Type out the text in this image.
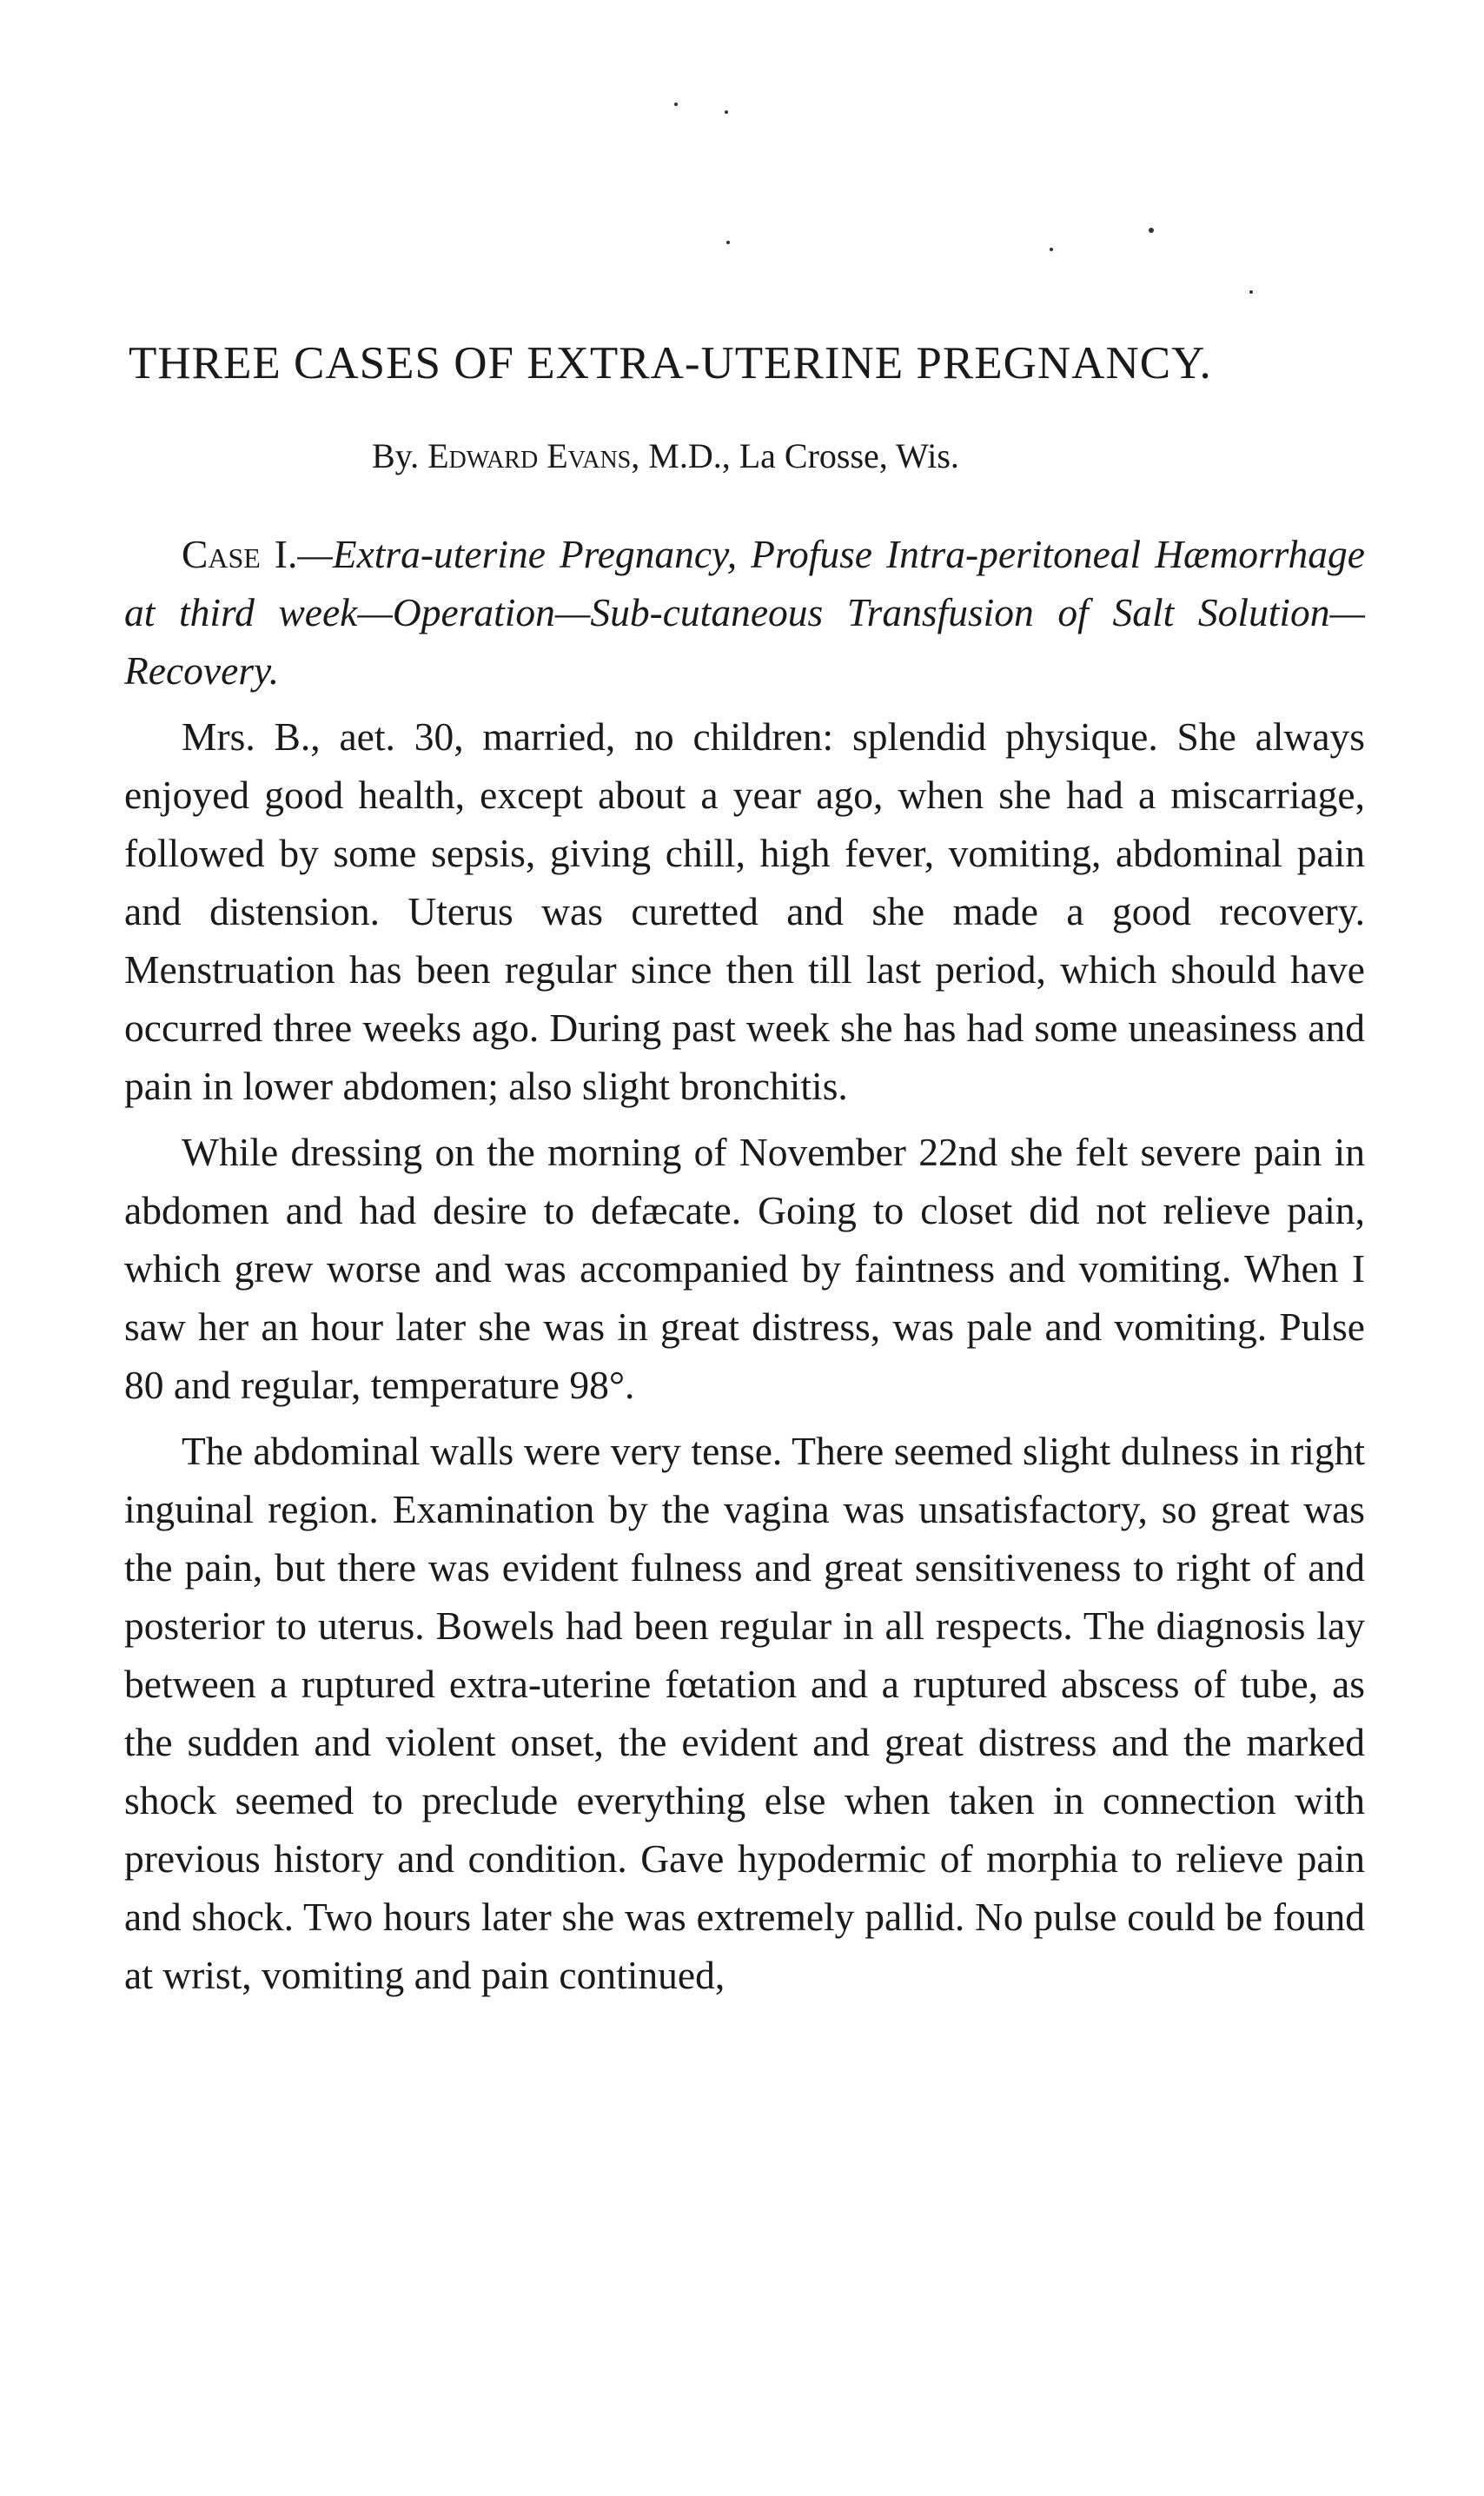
THREE CASES OF EXTRA-UTERINE PREGNANCY.

By. Edward Evans, M.D., La Crosse, Wis.

Case I.—Extra-uterine Pregnancy, Profuse Intra-peritoneal Hæmorrhage at third week—Operation—Sub-cutaneous Transfusion of Salt Solution—Recovery.

Mrs. B., aet. 30, married, no children: splendid physique. She always enjoyed good health, except about a year ago, when she had a miscarriage, followed by some sepsis, giving chill, high fever, vomiting, abdominal pain and distension. Uterus was curetted and she made a good recovery. Menstruation has been regular since then till last period, which should have occurred three weeks ago. During past week she has had some uneasiness and pain in lower abdomen; also slight bronchitis.

While dressing on the morning of November 22nd she felt severe pain in abdomen and had desire to defæcate. Going to closet did not relieve pain, which grew worse and was accompanied by faintness and vomiting. When I saw her an hour later she was in great distress, was pale and vomiting. Pulse 80 and regular, temperature 98°.

The abdominal walls were very tense. There seemed slight dulness in right inguinal region. Examination by the vagina was unsatisfactory, so great was the pain, but there was evident fulness and great sensitiveness to right of and posterior to uterus. Bowels had been regular in all respects. The diagnosis lay between a ruptured extra-uterine fœtation and a ruptured abscess of tube, as the sudden and violent onset, the evident and great distress and the marked shock seemed to preclude everything else when taken in connection with previous history and condition. Gave hypodermic of morphia to relieve pain and shock. Two hours later she was extremely pallid. No pulse could be found at wrist, vomiting and pain continued,
